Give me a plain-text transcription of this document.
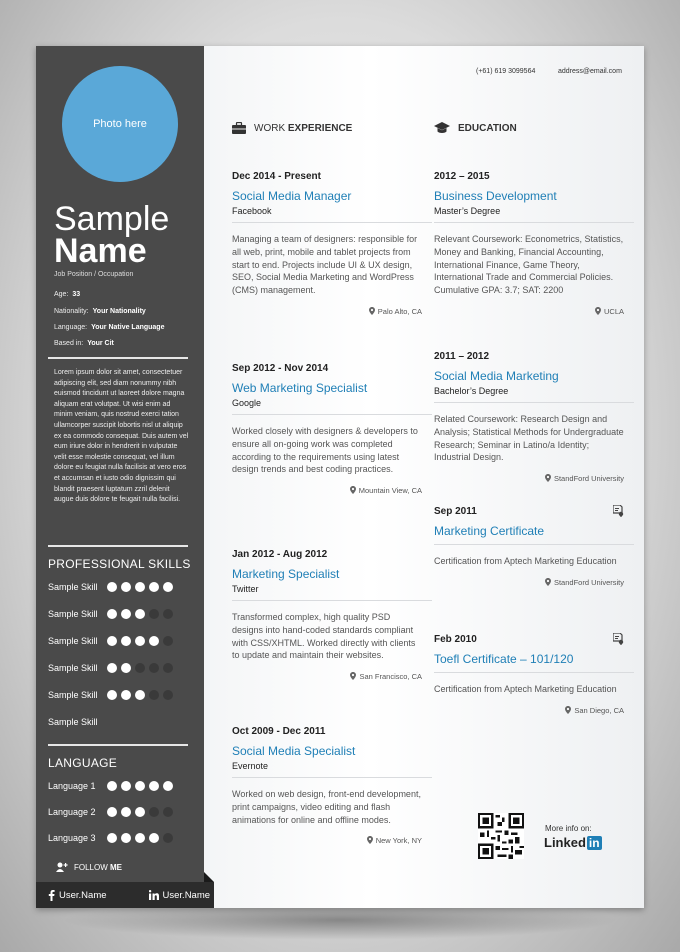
Photo here
Sample
Name
Job Position / Occupation
Age: 33
Nationality: Your Nationality
Language: Your Native Language
Based in: Your Cit
Lorem ipsum dolor sit amet, consectetuer adipiscing elit, sed diam nonummy nibh euismod tincidunt ut laoreet dolore magna aliquam erat volutpat. Ut wisi enim ad minim veniam, quis nostrud exerci tation ullamcorper suscipit lobortis nisl ut aliquip ex ea commodo consequat. Duis autem vel eum iriure dolor in hendrerit in vulputate velit esse molestie consequat, vel illum dolore eu feugiat nulla facilisis at vero eros et accumsan et iusto odio dignissim qui blandit praesent luptatum zzril delenit augue duis dolore te feugait nulla facilisi.
PROFESSIONAL SKILLS
Sample Skill
Sample Skill
Sample Skill
Sample Skill
Sample Skill
Sample Skill
LANGUAGE
Language 1
Language 2
Language 3
FOLLOW ME
User.Name	User.Name
(+61) 619 3099564	address@email.com
WORK EXPERIENCE	EDUCATION
Dec 2014 - Present
Social Media Manager
Facebook
Managing a team of designers: responsible for all web, print, mobile and tablet projects from start to end. Projects include UI & UX design, SEO, Social Media Marketing and WordPress (CMS) management.
Palo Alto, CA
Sep 2012 - Nov 2014
Web Marketing Specialist
Google
Worked closely with designers & developers to ensure all on-going work was completed according to the requirements using latest design trends and best coding practices.
Mountain View, CA
Jan 2012 - Aug 2012
Marketing Specialist
Twitter
Transformed complex, high quality PSD designs into hand-coded standards compliant with CSS/XHTML. Worked directly with clients to update and maintain their websites.
San Francisco, CA
Oct 2009 - Dec 2011
Social Media Specialist
Evernote
Worked on web design, front-end development, print campaigns, video editing and flash animations for online and offline modes.
New York, NY
2012 – 2015
Business Development
Master’s Degree
Relevant Coursework: Econometrics, Statistics, Money and Banking, Financial Accounting, International Finance, Game Theory, International Trade and Commercial Policies.
Cumulative GPA: 3.7; SAT: 2200
UCLA
2011 – 2012
Social Media Marketing
Bachelor’s Degree
Related Coursework: Research Design and Analysis; Statistical Methods for Undergraduate Research; Seminar in Latino/a Identity; Industrial Design.
StandFord University
Sep 2011
Marketing Certificate
Certification from Aptech Marketing Education
StandFord University
Feb 2010
Toefl Certificate – 101/120
Certification from Aptech Marketing Education
San Diego, CA
More info on:
Linked in
